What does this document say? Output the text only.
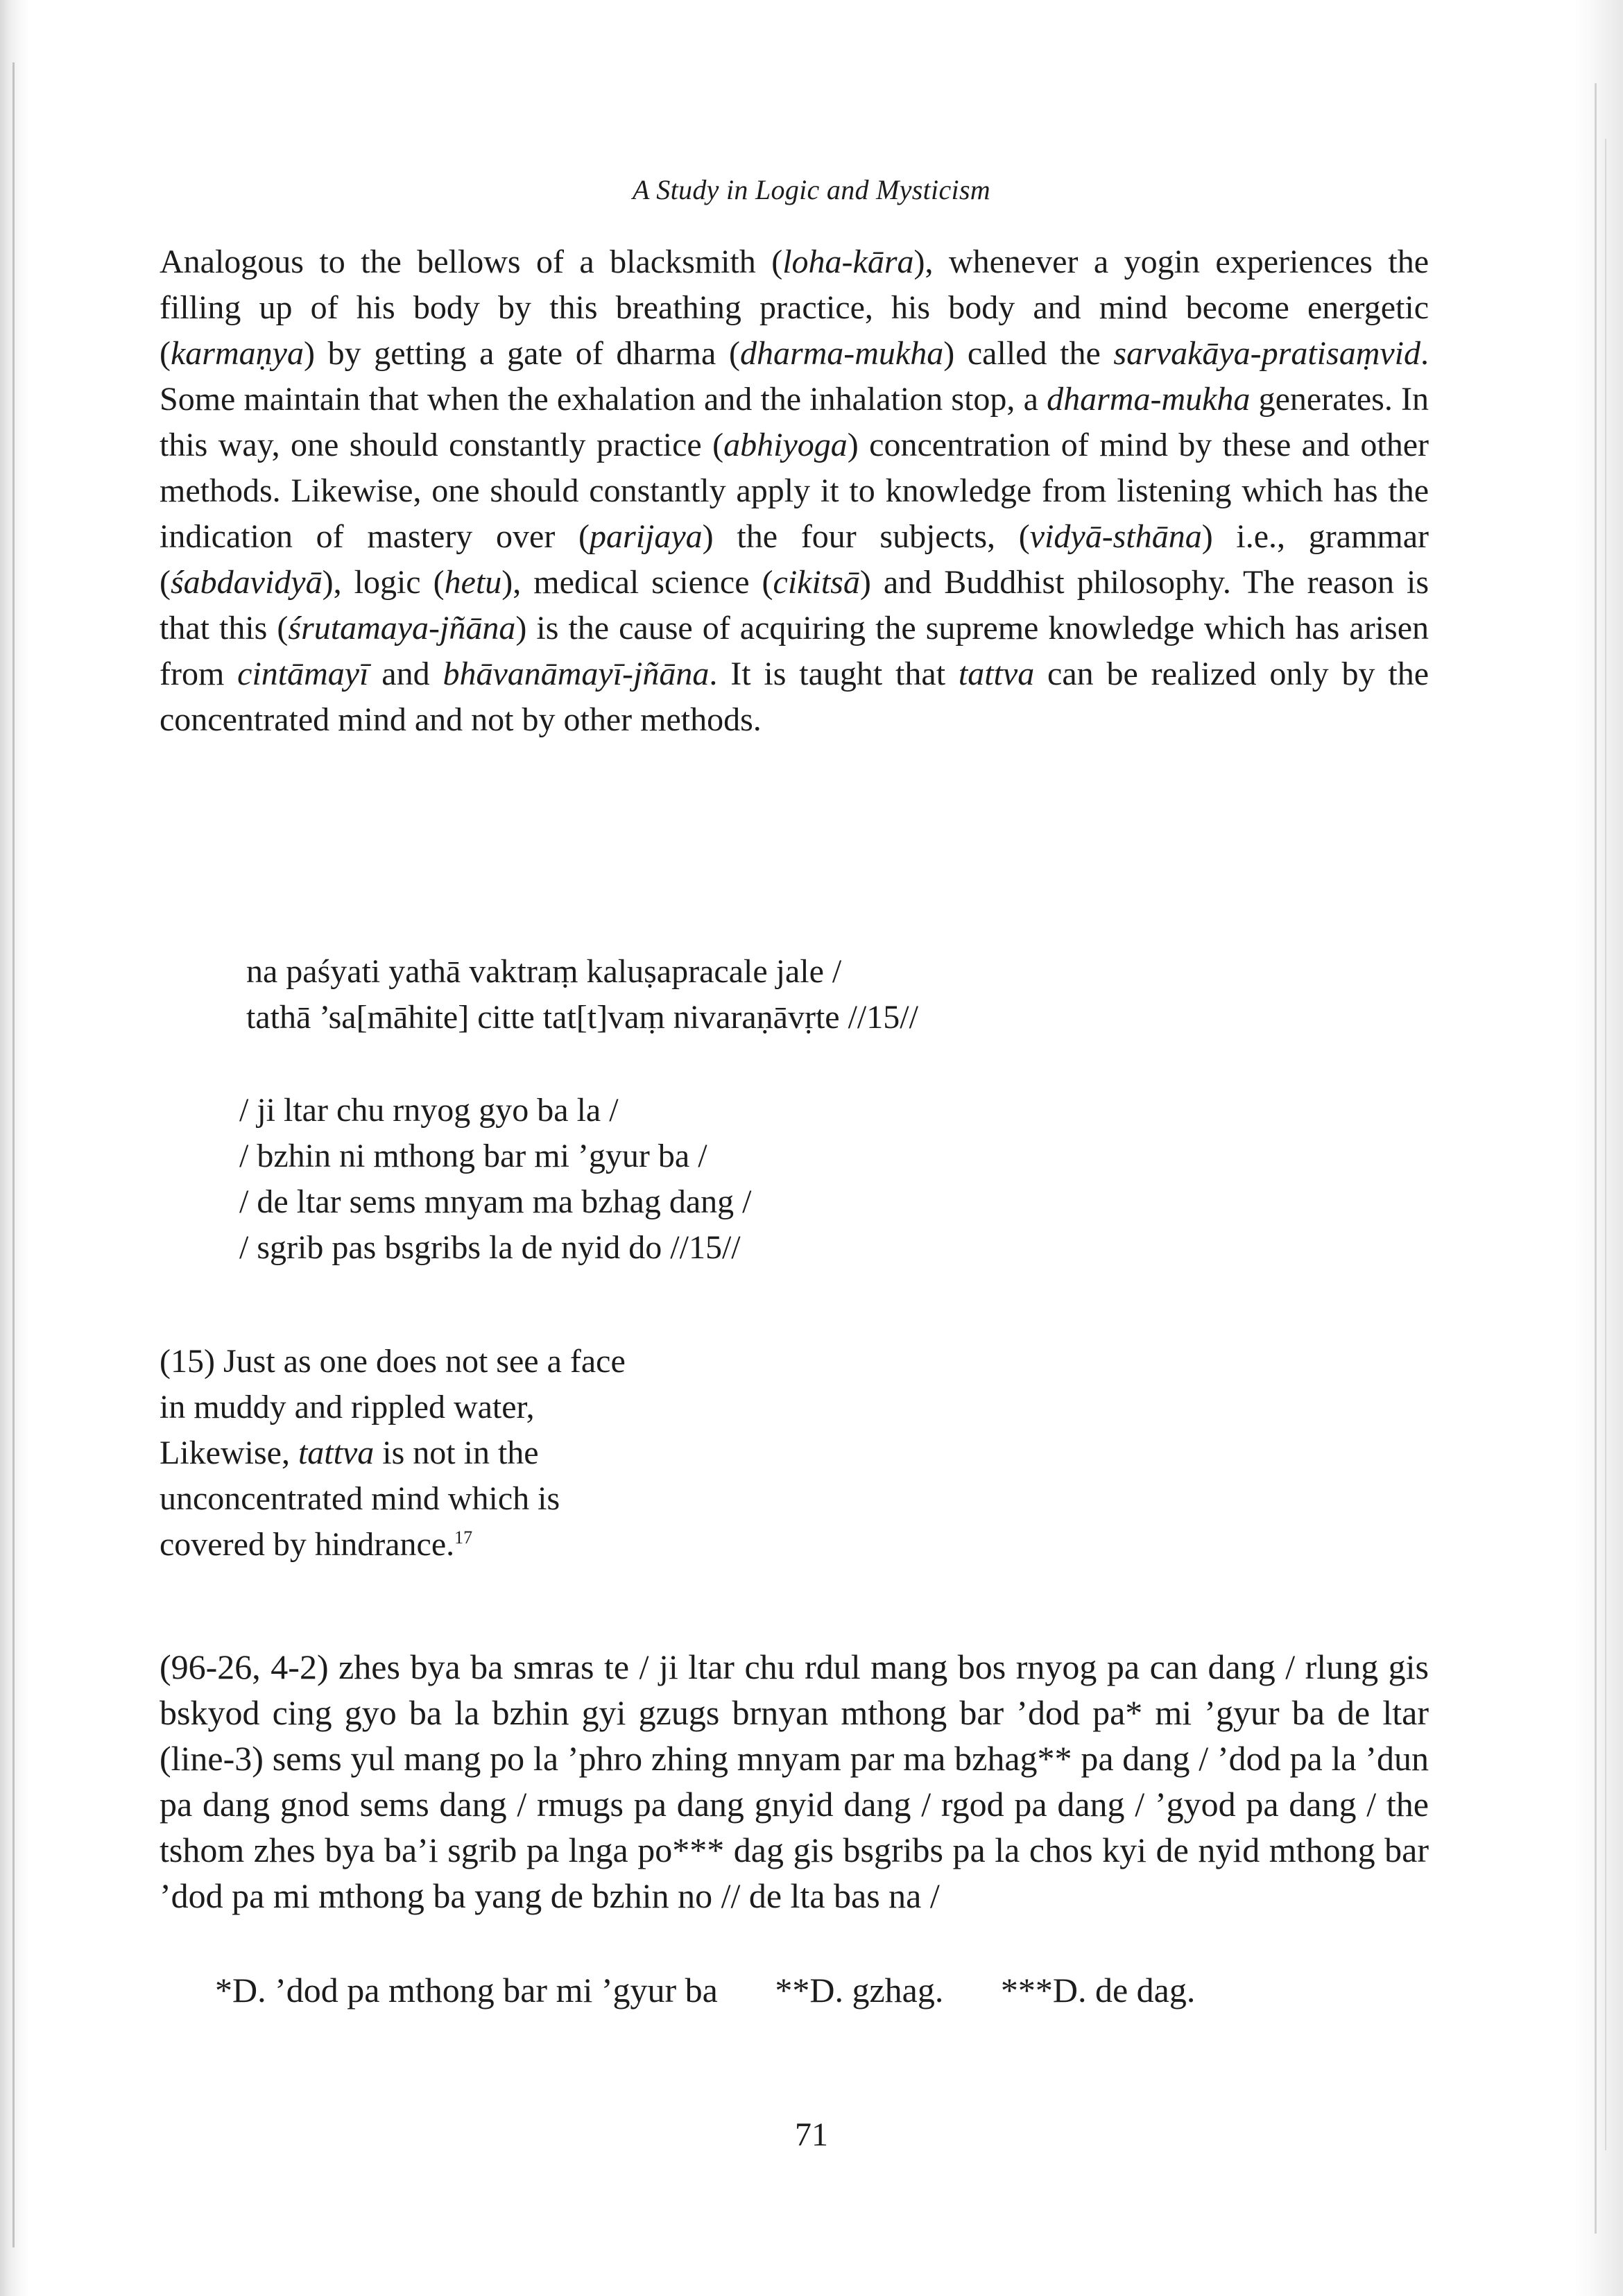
A Study in Logic and Mysticism

Analogous to the bellows of a blacksmith (loha-kāra), whenever a yogin experiences the filling up of his body by this breathing practice, his body and mind become energetic (karmaṇya) by getting a gate of dharma (dharma-mukha) called the sarvakāya-pratisaṃvid. Some maintain that when the exhalation and the inhalation stop, a dharma-mukha generates. In this way, one should constantly practice (abhiyoga) concentration of mind by these and other methods. Likewise, one should constantly apply it to knowledge from listening which has the indication of mastery over (parijaya) the four subjects, (vidyā-sthāna) i.e., grammar (śabdavidyā), logic (hetu), medical science (cikitsā) and Buddhist philosophy. The reason is that this (śrutamaya-jñāna) is the cause of acquiring the supreme knowledge which has arisen from cintāmayī and bhāvanāmayī-jñāna. It is taught that tattva can be realized only by the concentrated mind and not by other methods.

na paśyati yathā vaktraṃ kaluṣapracale jale /
tathā ’sa[māhite] citte tat[t]vaṃ nivaraṇāvṛte //15//
/ ji ltar chu rnyog gyo ba la /
/ bzhin ni mthong bar mi ’gyur ba /
/ de ltar sems mnyam ma bzhag dang /
/ sgrib pas bsgribs la de nyid do //15//
(15) Just as one does not see a face
in muddy and rippled water,
Likewise, tattva is not in the
unconcentrated mind which is
covered by hindrance.$^{17}$

(96-26, 4-2) zhes bya ba smras te / ji ltar chu rdul mang bos rnyog pa can dang / rlung gis bskyod cing gyo ba la bzhin gyi gzugs brnyan mthong bar ’dod pa* mi ’gyur ba de ltar (line-3) sems yul mang po la ’phro zhing mnyam par ma bzhag** pa dang / ’dod pa la ’dun pa dang gnod sems dang / rmugs pa dang gnyid dang / rgod pa dang / ’gyod pa dang / the tshom zhes bya ba’i sgrib pa lnga po*** dag gis bsgribs pa la chos kyi de nyid mthong bar ’dod pa mi mthong ba yang de bzhin no // de lta bas na /

*D. ’dod pa mthong bar mi ’gyur ba **D. gzhag. ***D. de dag.
71
